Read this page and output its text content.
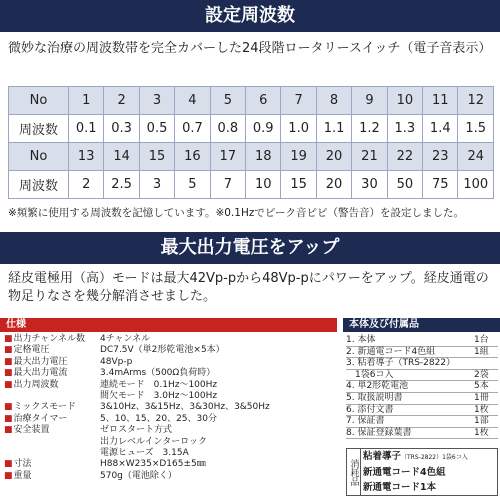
設定周波数
微妙な治療の周波数帯を完全カバーした24段階ロータリースイッチ（電子音表示）
No	1	2	3	4	5	6	7	8	9	10	11	12
周波数	0.1	0.3	0.5	0.7	0.8	0.9	1.0	1.1	1.2	1.3	1.4	1.5
No	13	14	15	16	17	18	19	20	21	22	23	24
周波数	2	2.5	3	5	7	10	15	20	30	50	75	100
※頻繁に使用する周波数を記憶しています。※0.1Hzでピーク音ピピ（警告音）を設定しました。
最大出力電圧をアップ
経皮電極用（高）モードは最大42Vp-pから48Vp-pにパワーをアップ。経皮通電の物足りなさを幾分解消させました。
仕様
■出力チャンネル数	4チャンネル
■定格電圧	DC7.5V（単2形乾電池×5本）
■最大出力電圧	48Vp-p
■最大出力電流	3.4mArms（500Ω負荷時）
■出力周波数	連続モード　0.1Hz～100Hz
間欠モード　3.0Hz～100Hz
■ミックスモード	3&10Hz、3&15Hz、3&30Hz、3&50Hz
■治療タイマー	5、10、15、20、25、30分
■安全装置	ゼロスタート方式
出力レベルインターロック
電源ヒューズ　3.15A
■寸法	H88×W235×D165±5㎜
■重量	570g（電池除く）
本体及び付属品
1. 本体	1台
2. 新通電コード4色組	1組
3. 粘着導子（TRS-2822）
　1袋6コ入	2袋
4. 単2形乾電池	5本
5. 取扱説明書	1冊
6. 添付文書	1枚
7. 保証書	1部
8. 保証登録葉書	1枚
消耗品
粘着導子（TRS-2822）1袋6コ入
新通電コード4色組
新通電コード1本
